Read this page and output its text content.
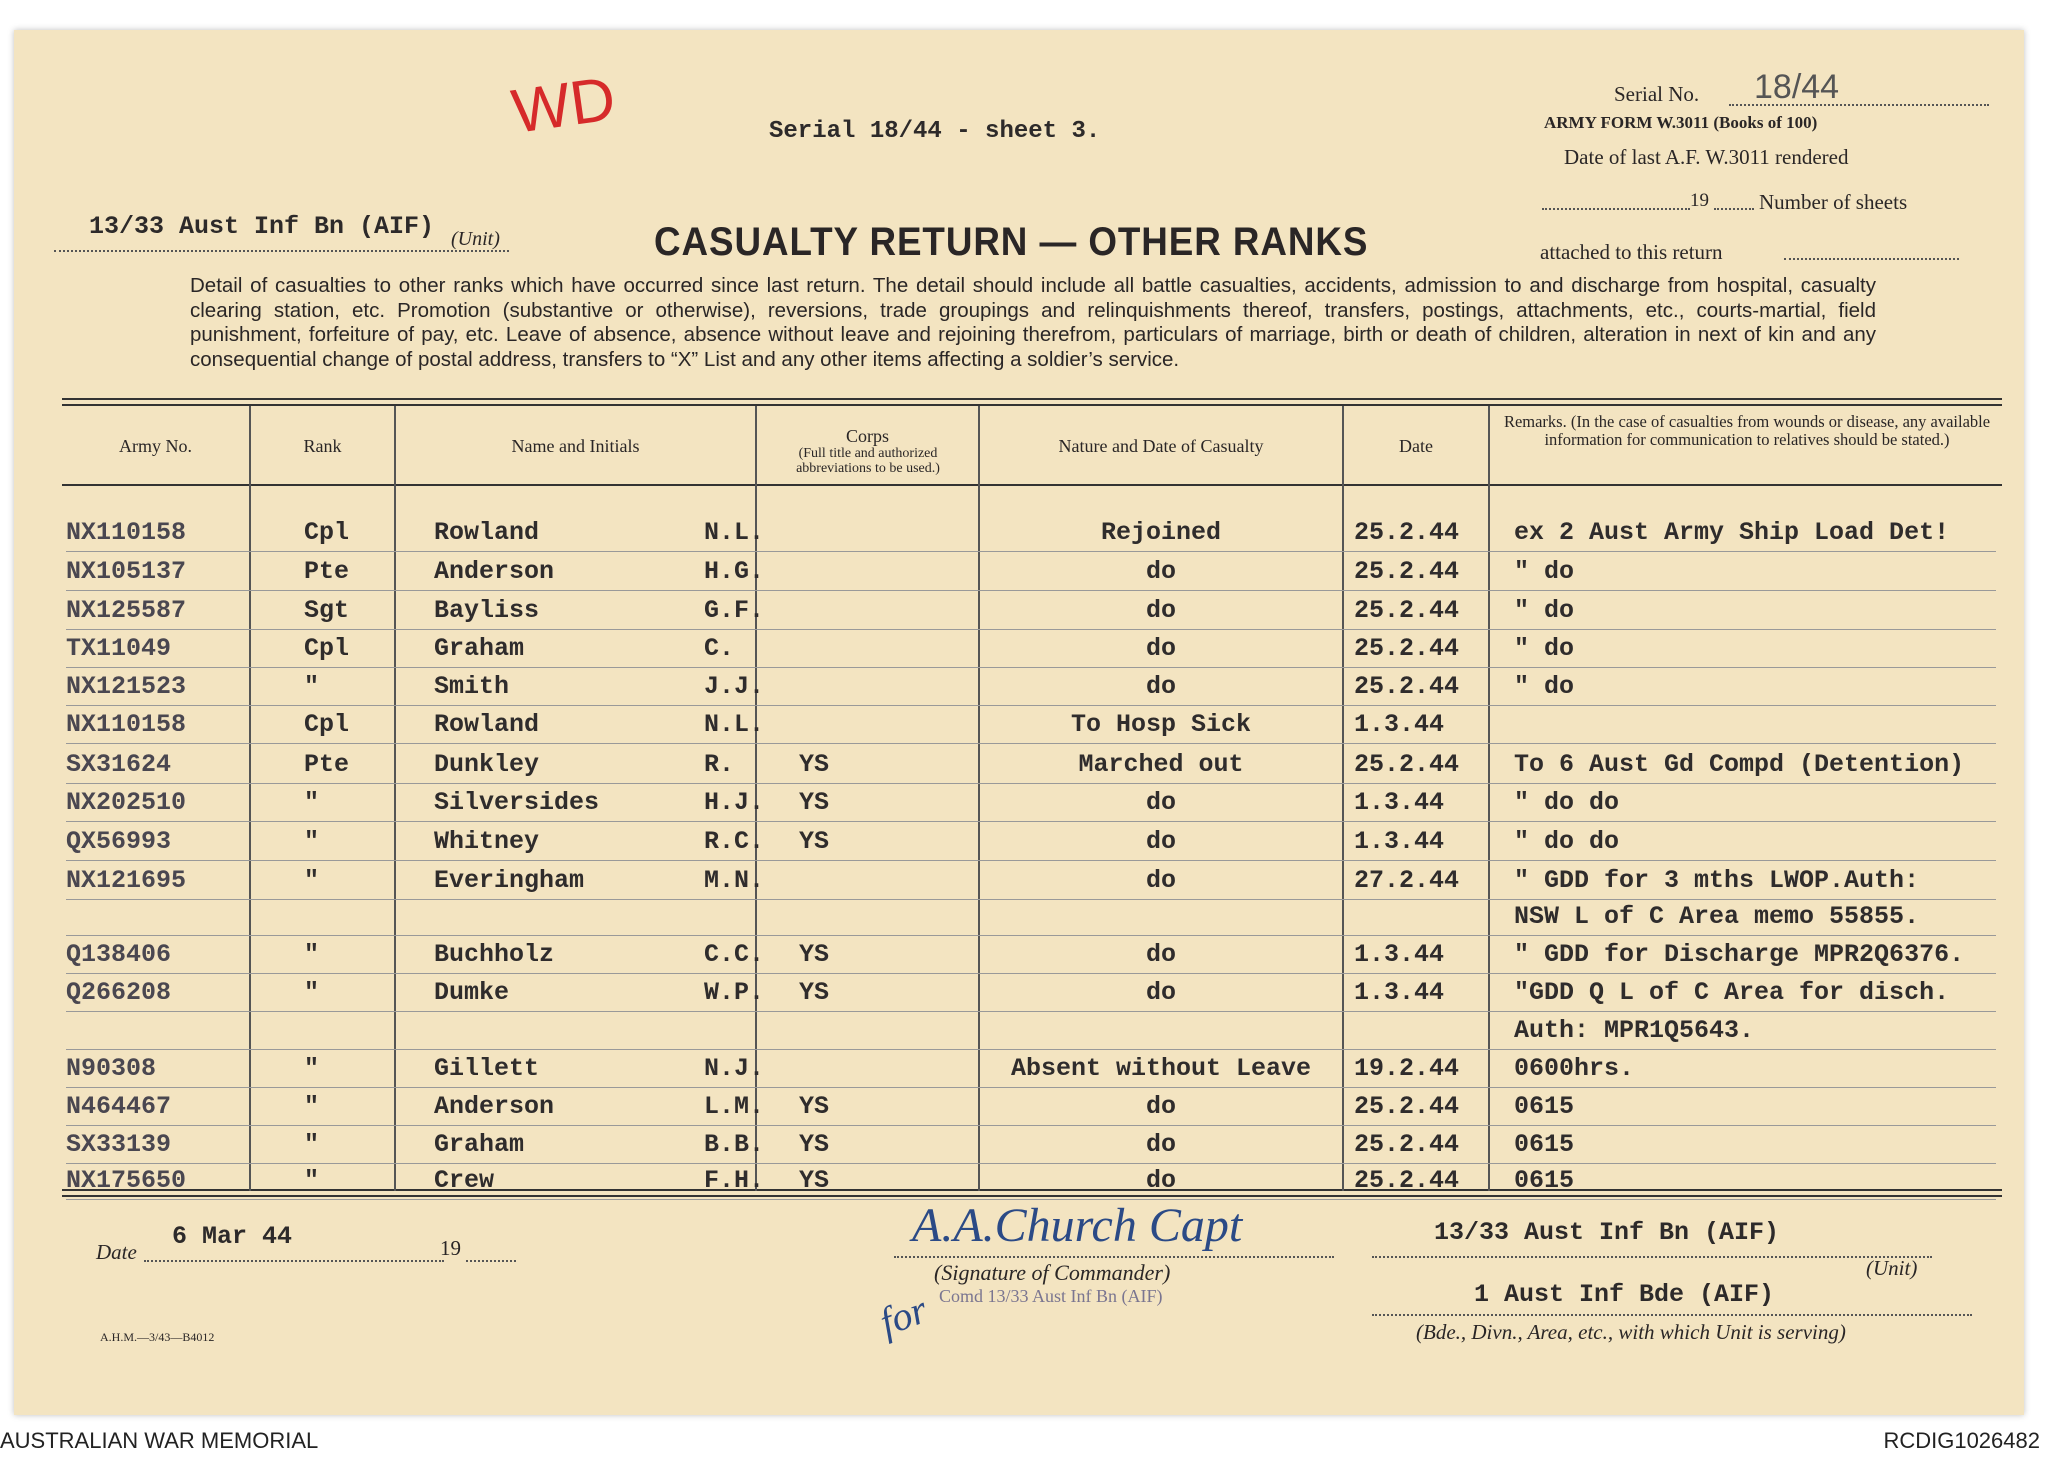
WD	Serial 18/44 - sheet 3.
Serial No. 18/44
ARMY FORM W.3011 (Books of 100)
Date of last A.F. W.3011 rendered
19 Number of sheets
attached to this return
13/33 Aust Inf Bn (AIF) (Unit)	CASUALTY RETURN — OTHER RANKS
Detail of casualties to other ranks which have occurred since last return. The detail should include all battle casualties, accidents, admission to and discharge from hospital, casualty clearing station, etc. Promotion (substantive or otherwise), reversions, trade groupings and relinquishments thereof, transfers, postings, attachments, etc., courts-martial, field punishment, forfeiture of pay, etc. Leave of absence, absence without leave and rejoining therefrom, particulars of marriage, birth or death of children, alteration in next of kin and any consequential change of postal address, transfers to “X” List and any other items affecting a soldier’s service.
Army No.	Rank	Name and Initials	Corps
(Full title and authorized abbreviations to be used.)
Nature and Date of Casualty	Date
Remarks. (In the case of casualties from wounds or disease, any available information for communication to relatives should be stated.)
NX110158	Cpl	Rowland	N.L.	Rejoined	25.2.44 ex 2 Aust Army Ship Load Det!
NX105137	Pte	Anderson	H.G.	do	25.2.44 " do
NX125587	Sgt	Bayliss	G.F.	do	25.2.44 " do
TX11049	Cpl	Graham	C.	do	25.2.44 " do
NX121523	"	Smith	J.J.	do	25.2.44 " do
NX110158	Cpl	Rowland	N.L.	To Hosp Sick	1.3.44
SX31624	Pte	Dunkley	R.	YS	Marched out	25.2.44 To 6 Aust Gd Compd (Detention)
NX202510	"	Silversides	H.J. YS	do	1.3.44	" do do
QX56993	"	Whitney	R.C. YS	do	1.3.44	" do do
NX121695	"	Everingham	M.N.	do	27.2.44 " GDD for 3 mths LWOP.Auth:
NSW L of C Area memo 55855.
Q138406	"	Buchholz	C.C. YS	do	1.3.44	" GDD for Discharge MPR2Q6376.
Q266208	"	Dumke	W.P. YS	do	1.3.44	"GDD Q L of C Area for disch.
Auth: MPR1Q5643.
N90308	"	Gillett	N.J.	Absent without Leave	19.2.44 0600hrs.
N464467	"	Anderson	L.M. YS	do	25.2.44 0615
SX33139	"	Graham	B.B. YS	do	25.2.44 0615
NX175650	"	Crew	F.H. YS	do	25.2.44 0615
Date
6 Mar 44	19	A.A.Church Capt
for
(Signature of Commander)
Comd 13/33 Aust Inf Bn (AIF)
13/33 Aust Inf Bn (AIF)
(Unit)
1 Aust Inf Bde (AIF)
(Bde., Divn., Area, etc., with which Unit is serving)
A.H.M.—3/43—B4012
AUSTRALIAN WAR MEMORIAL	RCDIG1026482
